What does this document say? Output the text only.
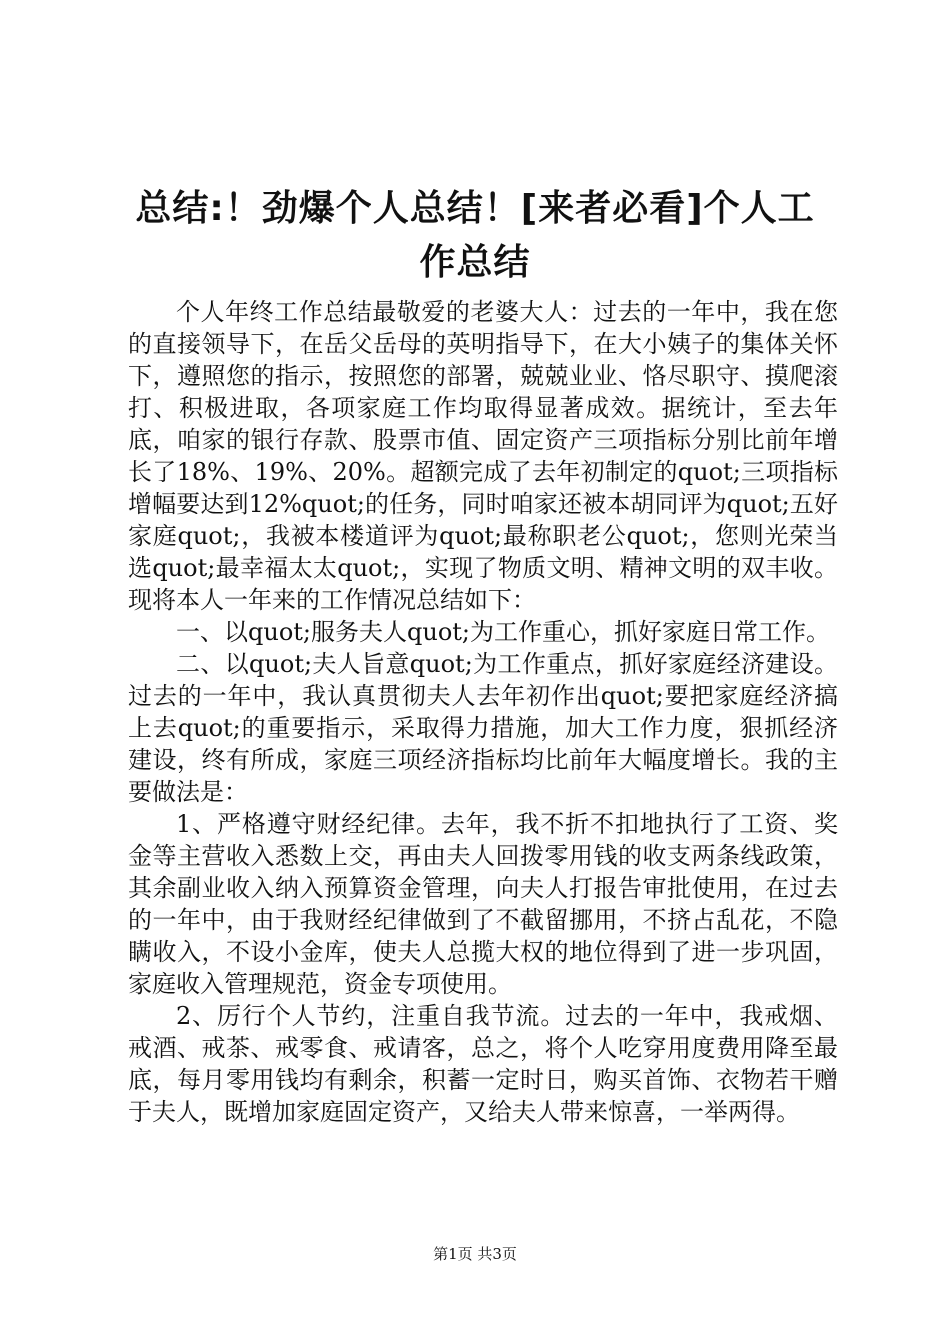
总结:！劲爆个人总结！[来者必看]个人工作总结

个人年终工作总结最敬爱的老婆大人：过去的一年中，我在您的直接领导下，在岳父岳母的英明指导下，在大小姨子的集体关怀下，遵照您的指示，按照您的部署，兢兢业业、恪尽职守、摸爬滚打、积极进取，各项家庭工作均取得显著成效。据统计，至去年底，咱家的银行存款、股票市值、固定资产三项指标分别比前年增长了18%、19%、20%。超额完成了去年初制定的quot;三项指标增幅要达到12%quot;的任务，同时咱家还被本胡同评为quot;五好家庭quot;，我被本楼道评为quot;最称职老公quot;，您则光荣当选quot;最幸福太太quot;，实现了物质文明、精神文明的双丰收。现将本人一年来的工作情况总结如下：

一、以quot;服务夫人quot;为工作重心，抓好家庭日常工作。

二、以quot;夫人旨意quot;为工作重点，抓好家庭经济建设。过去的一年中，我认真贯彻夫人去年初作出quot;要把家庭经济搞上去quot;的重要指示，采取得力措施，加大工作力度，狠抓经济建设，终有所成，家庭三项经济指标均比前年大幅度增长。我的主要做法是：

1、严格遵守财经纪律。去年，我不折不扣地执行了工资、奖金等主营收入悉数上交，再由夫人回拨零用钱的收支两条线政策，其余副业收入纳入预算资金管理，向夫人打报告审批使用，在过去的一年中，由于我财经纪律做到了不截留挪用，不挤占乱花，不隐瞒收入，不设小金库，使夫人总揽大权的地位得到了进一步巩固，家庭收入管理规范，资金专项使用。

2、厉行个人节约，注重自我节流。过去的一年中，我戒烟、戒酒、戒茶、戒零食、戒请客，总之，将个人吃穿用度费用降至最底，每月零用钱均有剩余，积蓄一定时日，购买首饰、衣物若干赠于夫人，既增加家庭固定资产，又给夫人带来惊喜，一举两得。

第1页 共3页
